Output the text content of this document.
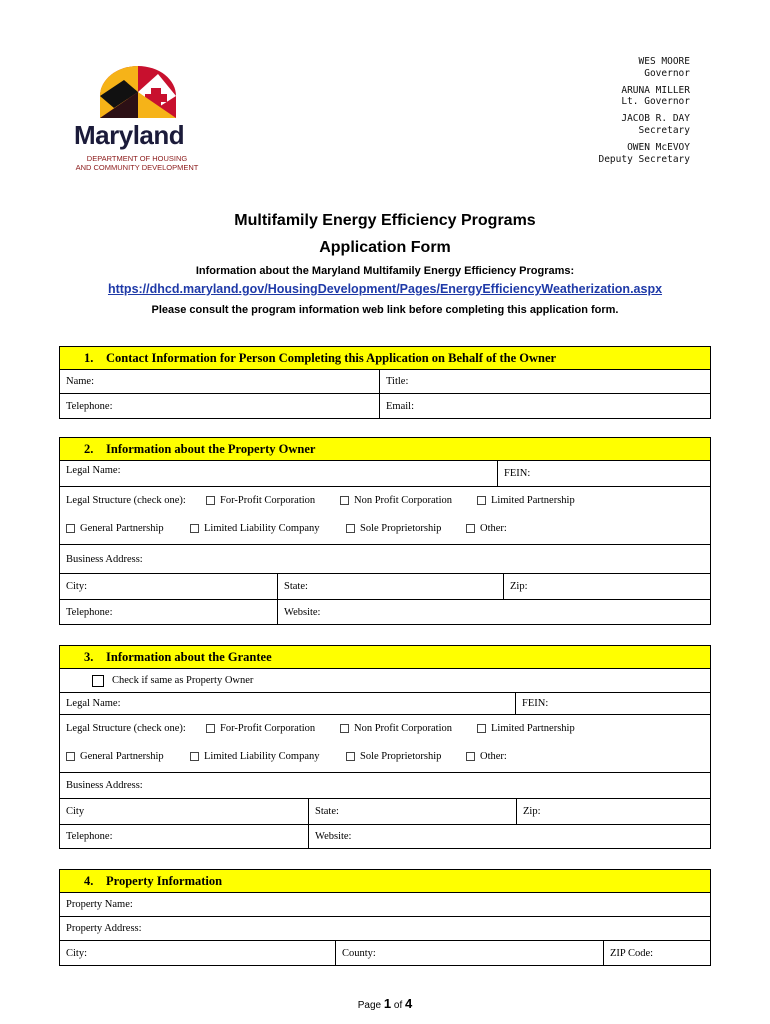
Maryland
DEPARTMENT OF HOUSING
AND COMMUNITY DEVELOPMENT
WES MOORE
Governor
ARUNA MILLER
Lt. Governor
JACOB R. DAY
Secretary
OWEN McEVOY
Deputy Secretary
Multifamily Energy Efficiency Programs
Application Form
Information about the Maryland Multifamily Energy Efficiency Programs:
https://dhcd.maryland.gov/HousingDevelopment/Pages/EnergyEfficiencyWeatherization.aspx
Please consult the program information web link before completing this application form.
1. Contact Information for Person Completing this Application on Behalf of the Owner
Name:	Title:
Telephone:	Email:
2. Information about the Property Owner
Legal Name:	FEIN:
Legal Structure (check one):	For-Profit Corporation	Non Profit Corporation	Limited Partnership
General Partnership	Limited Liability Company	Sole Proprietorship	Other:
Business Address:
City:	State:	Zip:
Telephone:	Website:
3. Information about the Grantee
Check if same as Property Owner
Legal Name:	FEIN:
Legal Structure (check one):	For-Profit Corporation	Non Profit Corporation	Limited Partnership
General Partnership	Limited Liability Company	Sole Proprietorship	Other:
Business Address:
City	State:	Zip:
Telephone:	Website:
4. Property Information
Property Name:
Property Address:
City:	County:	ZIP Code:
Page 1 of 4
